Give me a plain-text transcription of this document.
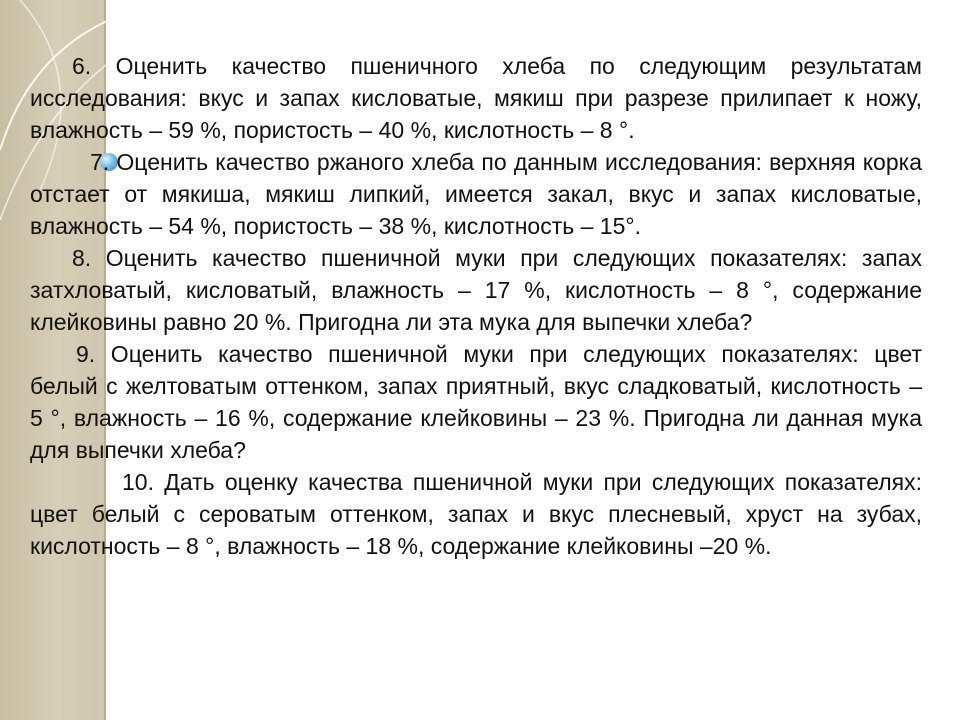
6. Оценить качество пшеничного хлеба по следующим результатам исследования: вкус и запах кисловатые, мякиш при разрезе прилипает к ножу, влажность – 59 %, пористость – 40 %, кислотность – 8 °.

7. Оценить качество ржаного хлеба по данным исследования: верхняя корка отстает от мякиша, мякиш липкий, имеется закал, вкус и запах кисловатые, влажность – 54 %, пористость – 38 %, кислотность – 15°.

8. Оценить качество пшеничной муки при следующих показателях: запах затхловатый, кисловатый, влажность – 17 %, кислотность – 8 °, содержание клейковины равно 20 %. Пригодна ли эта мука для выпечки хлеба?

9. Оценить качество пшеничной муки при следующих показателях: цвет белый с желтоватым оттенком, запах приятный, вкус сладковатый, кислотность – 5 °, влажность – 16 %, содержание клейковины – 23 %. Пригодна ли данная мука для выпечки хлеба?

10. Дать оценку качества пшеничной муки при следующих показателях: цвет белый с сероватым оттенком, запах и вкус плесневый, хруст на зубах, кислотность – 8 °, влажность – 18 %, содержание клейковины –20 %.
